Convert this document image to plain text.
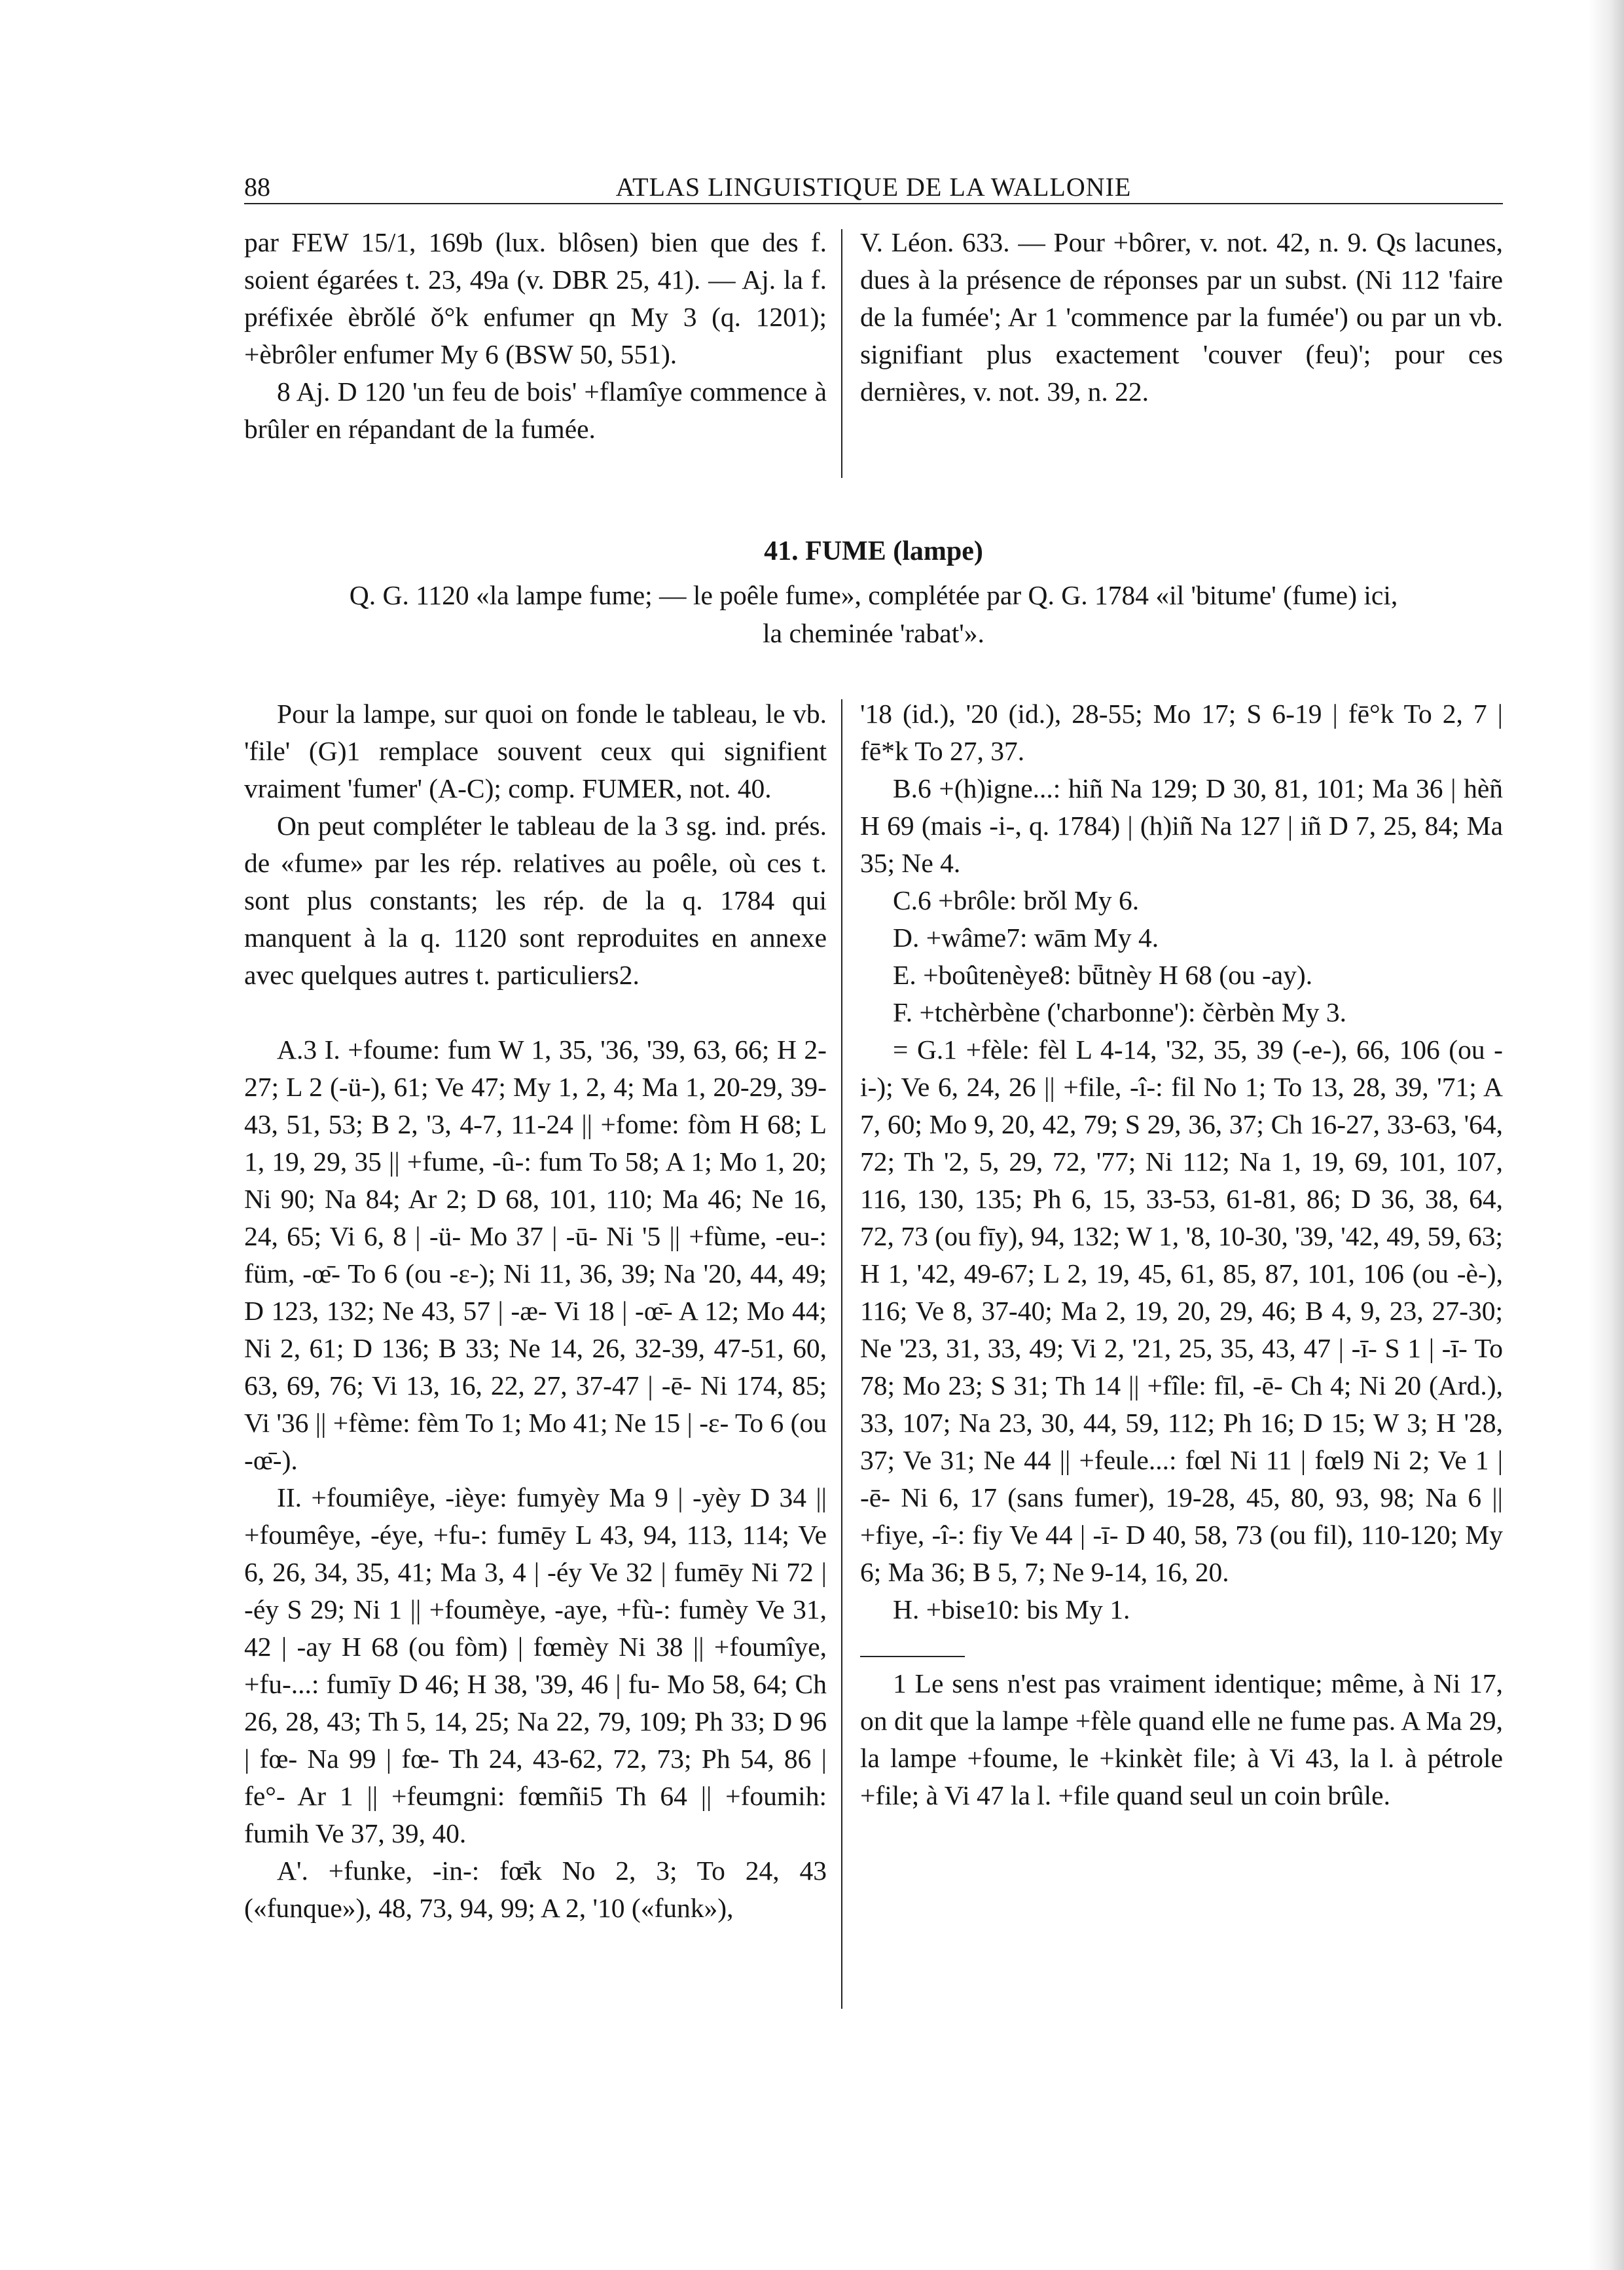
88	ATLAS LINGUISTIQUE DE LA WALLONIE

par FEW 15/1, 169b (lux. blôsen) bien que des f. soient égarées t. 23, 49a (v. DBR 25, 41). — Aj. la f. préfixée èbrǒlé ǒ°k enfumer qn My 3 (q. 1201); +èbrôler enfumer My 6 (BSW 50, 551).

8 Aj. D 120 'un feu de bois' +flamîye commence à brûler en répandant de la fumée.

V. Léon. 633. — Pour +bôrer, v. not. 42, n. 9. Qs lacunes, dues à la présence de réponses par un subst. (Ni 112 'faire de la fumée'; Ar 1 'commence par la fumée') ou par un vb. signifiant plus exactement 'couver (feu)'; pour ces dernières, v. not. 39, n. 22.

41. FUME (lampe)
Q. G. 1120 «la lampe fume; — le poêle fume», complétée par Q. G. 1784 «il 'bitume' (fume) ici,
la cheminée 'rabat'».

Pour la lampe, sur quoi on fonde le tableau, le vb. 'file' (G)1 remplace souvent ceux qui signifient vraiment 'fumer' (A-C); comp. FUMER, not. 40.

On peut compléter le tableau de la 3 sg. ind. prés. de «fume» par les rép. relatives au poêle, où ces t. sont plus constants; les rép. de la q. 1784 qui manquent à la q. 1120 sont reproduites en annexe avec quelques autres t. particuliers2.

A.3 I. +foume: fum W 1, 35, '36, '39, 63, 66; H 2-27; L 2 (-ü-), 61; Ve 47; My 1, 2, 4; Ma 1, 20-29, 39-43, 51, 53; B 2, '3, 4-7, 11-24 || +fome: fòm H 68; L 1, 19, 29, 35 || +fume, -û-: fum To 58; A 1; Mo 1, 20; Ni 90; Na 84; Ar 2; D 68, 101, 110; Ma 46; Ne 16, 24, 65; Vi 6, 8 | -ü- Mo 37 | -ū- Ni '5 || +fùme, -eu-: füm, -œ̄- To 6 (ou -ɛ-); Ni 11, 36, 39; Na '20, 44, 49; D 123, 132; Ne 43, 57 | -æ- Vi 18 | -œ̄- A 12; Mo 44; Ni 2, 61; D 136; B 33; Ne 14, 26, 32-39, 47-51, 60, 63, 69, 76; Vi 13, 16, 22, 27, 37-47 | -ē- Ni 174, 85; Vi '36 || +fème: fèm To 1; Mo 41; Ne 15 | -ɛ- To 6 (ou -œ̄-).

II. +foumiêye, -ièye: fumyèy Ma 9 | -yèy D 34 || +foumêye, -éye, +fu-: fumēy L 43, 94, 113, 114; Ve 6, 26, 34, 35, 41; Ma 3, 4 | -éy Ve 32 | fumēy Ni 72 | -éy S 29; Ni 1 || +foumèye, -aye, +fù-: fumèy Ve 31, 42 | -ay H 68 (ou fòm) | fœmèy Ni 38 || +foumîye, +fu-...: fumīy D 46; H 38, '39, 46 | fu- Mo 58, 64; Ch 26, 28, 43; Th 5, 14, 25; Na 22, 79, 109; Ph 33; D 96 | fœ- Na 99 | fœ- Th 24, 43-62, 72, 73; Ph 54, 86 | fe°- Ar 1 || +feumgni: fœmñi5 Th 64 || +foumih: fumih Ve 37, 39, 40.

A'. +funke, -in-: fœ̄k No 2, 3; To 24, 43 («funque»), 48, 73, 94, 99; A 2, '10 («funk»),

'18 (id.), '20 (id.), 28-55; Mo 17; S 6-19 | fē°k To 2, 7 | fē*k To 27, 37.

B.6 +(h)igne...: hiñ Na 129; D 30, 81, 101; Ma 36 | hèñ H 69 (mais -i-, q. 1784) | (h)iñ Na 127 | iñ D 7, 25, 84; Ma 35; Ne 4.

C.6 +brôle: brǒl My 6.

D. +wâme7: wām My 4.

E. +boûtenèye8: bǖtnèy H 68 (ou -ay).

F. +tchèrbène ('charbonne'): čèrbèn My 3.

= G.1 +fèle: fèl L 4-14, '32, 35, 39 (-e-), 66, 106 (ou -i-); Ve 6, 24, 26 || +file, -î-: fil No 1; To 13, 28, 39, '71; A 7, 60; Mo 9, 20, 42, 79; S 29, 36, 37; Ch 16-27, 33-63, '64, 72; Th '2, 5, 29, 72, '77; Ni 112; Na 1, 19, 69, 101, 107, 116, 130, 135; Ph 6, 15, 33-53, 61-81, 86; D 36, 38, 64, 72, 73 (ou fīy), 94, 132; W 1, '8, 10-30, '39, '42, 49, 59, 63; H 1, '42, 49-67; L 2, 19, 45, 61, 85, 87, 101, 106 (ou -è-), 116; Ve 8, 37-40; Ma 2, 19, 20, 29, 46; B 4, 9, 23, 27-30; Ne '23, 31, 33, 49; Vi 2, '21, 25, 35, 43, 47 | -ī- S 1 | -ī- To 78; Mo 23; S 31; Th 14 || +fîle: fīl, -ē- Ch 4; Ni 20 (Ard.), 33, 107; Na 23, 30, 44, 59, 112; Ph 16; D 15; W 3; H '28, 37; Ve 31; Ne 44 || +feule...: fœl Ni 11 | fœl9 Ni 2; Ve 1 | -ē- Ni 6, 17 (sans fumer), 19-28, 45, 80, 93, 98; Na 6 || +fiye, -î-: fiy Ve 44 | -ī- D 40, 58, 73 (ou fil), 110-120; My 6; Ma 36; B 5, 7; Ne 9-14, 16, 20.

H. +bise10: bis My 1.

1 Le sens n'est pas vraiment identique; même, à Ni 17, on dit que la lampe +fèle quand elle ne fume pas. A Ma 29, la lampe +foume, le +kinkèt file; à Vi 43, la l. à pétrole +file; à Vi 47 la l. +file quand seul un coin brûle.
